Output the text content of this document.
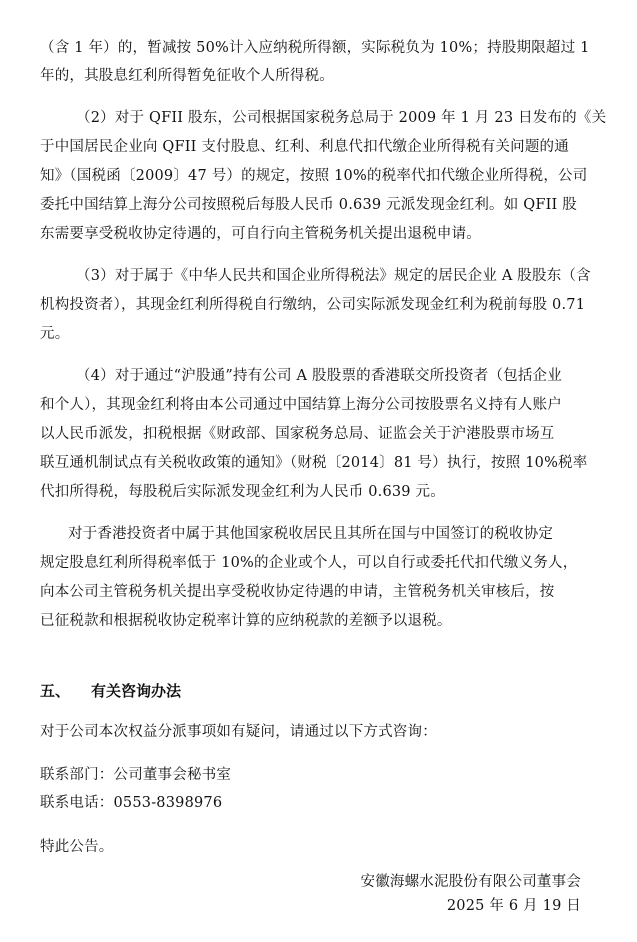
（含 1 年）的，暂减按 50%计入应纳税所得额，实际税负为 10%；持股期限超过 1
年的，其股息红利所得暂免征收个人所得税。
（2）对于 QFII 股东，公司根据国家税务总局于 2009 年 1 月 23 日发布的《关
于中国居民企业向 QFII 支付股息、红利、利息代扣代缴企业所得税有关问题的通
知》（国税函〔2009〕47 号）的规定，按照 10%的税率代扣代缴企业所得税，公司
委托中国结算上海分公司按照税后每股人民币 0.639 元派发现金红利。如 QFII 股
东需要享受税收协定待遇的，可自行向主管税务机关提出退税申请。
（3）对于属于《中华人民共和国企业所得税法》规定的居民企业 A 股股东（含
机构投资者），其现金红利所得税自行缴纳，公司实际派发现金红利为税前每股 0.71
元。
（4）对于通过“沪股通”持有公司 A 股股票的香港联交所投资者（包括企业
和个人），其现金红利将由本公司通过中国结算上海分公司按股票名义持有人账户
以人民币派发，扣税根据《财政部、国家税务总局、证监会关于沪港股票市场互
联互通机制试点有关税收政策的通知》（财税〔2014〕81 号）执行，按照 10%税率
代扣所得税，每股税后实际派发现金红利为人民币 0.639 元。
对于香港投资者中属于其他国家税收居民且其所在国与中国签订的税收协定
规定股息红利所得税率低于 10%的企业或个人，可以自行或委托代扣代缴义务人，
向本公司主管税务机关提出享受税收协定待遇的申请，主管税务机关审核后，按
已征税款和根据税收协定税率计算的应纳税款的差额予以退税。
五、 有关咨询办法
对于公司本次权益分派事项如有疑问，请通过以下方式咨询：
联系部门：公司董事会秘书室
联系电话：0553-8398976
特此公告。
安徽海螺水泥股份有限公司董事会
2025 年 6 月 19 日
